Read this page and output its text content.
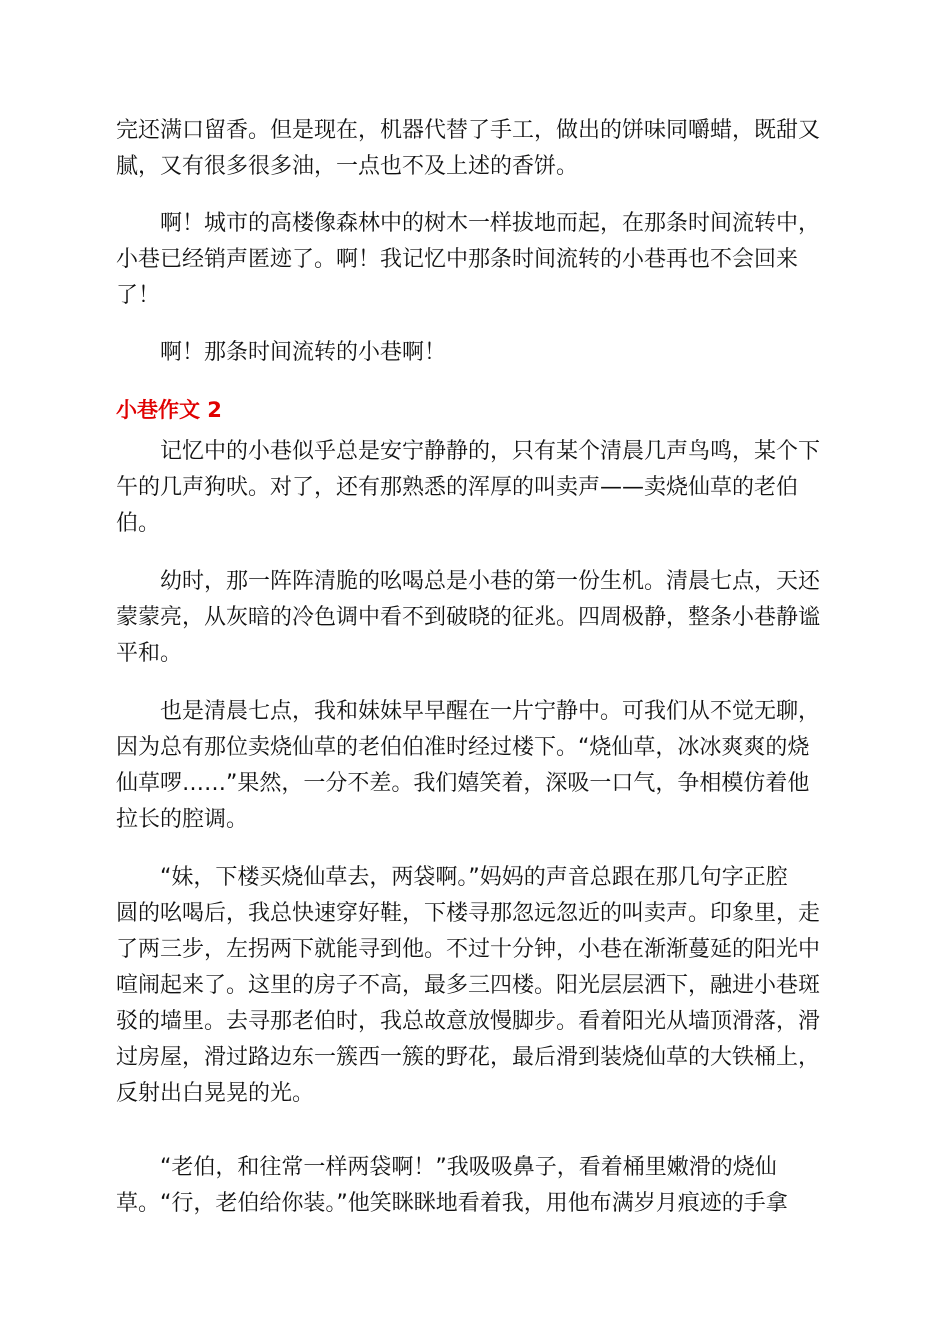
完还满口留香。但是现在，机器代替了手工，做出的饼味同嚼蜡，既甜又

腻，又有很多很多油，一点也不及上述的香饼。

　　啊！城市的高楼像森林中的树木一样拔地而起，在那条时间流转中，

小巷已经销声匿迹了。啊！我记忆中那条时间流转的小巷再也不会回来

了！

　　啊！那条时间流转的小巷啊！

小巷作文 2

　　记忆中的小巷似乎总是安宁静静的，只有某个清晨几声鸟鸣，某个下

午的几声狗吠。对了，还有那熟悉的浑厚的叫卖声——卖烧仙草的老伯

伯。

　　幼时，那一阵阵清脆的吆喝总是小巷的第一份生机。清晨七点，天还

蒙蒙亮，从灰暗的冷色调中看不到破晓的征兆。四周极静，整条小巷静谧

平和。

　　也是清晨七点，我和妹妹早早醒在一片宁静中。可我们从不觉无聊，

因为总有那位卖烧仙草的老伯伯准时经过楼下。“烧仙草，冰冰爽爽的烧

仙草啰……”果然，一分不差。我们嬉笑着，深吸一口气，争相模仿着他

拉长的腔调。

　　“妹，下楼买烧仙草去，两袋啊。”妈妈的声音总跟在那几句字正腔

圆的吆喝后，我总快速穿好鞋，下楼寻那忽远忽近的叫卖声。印象里，走

了两三步，左拐两下就能寻到他。不过十分钟，小巷在渐渐蔓延的阳光中

喧闹起来了。这里的房子不高，最多三四楼。阳光层层洒下，融进小巷斑

驳的墙里。去寻那老伯时，我总故意放慢脚步。看着阳光从墙顶滑落，滑

过房屋，滑过路边东一簇西一簇的野花，最后滑到装烧仙草的大铁桶上，

反射出白晃晃的光。

　　“老伯，和往常一样两袋啊！”我吸吸鼻子，看着桶里嫩滑的烧仙

草。“行，老伯给你装。”他笑眯眯地看着我，用他布满岁月痕迹的手拿
